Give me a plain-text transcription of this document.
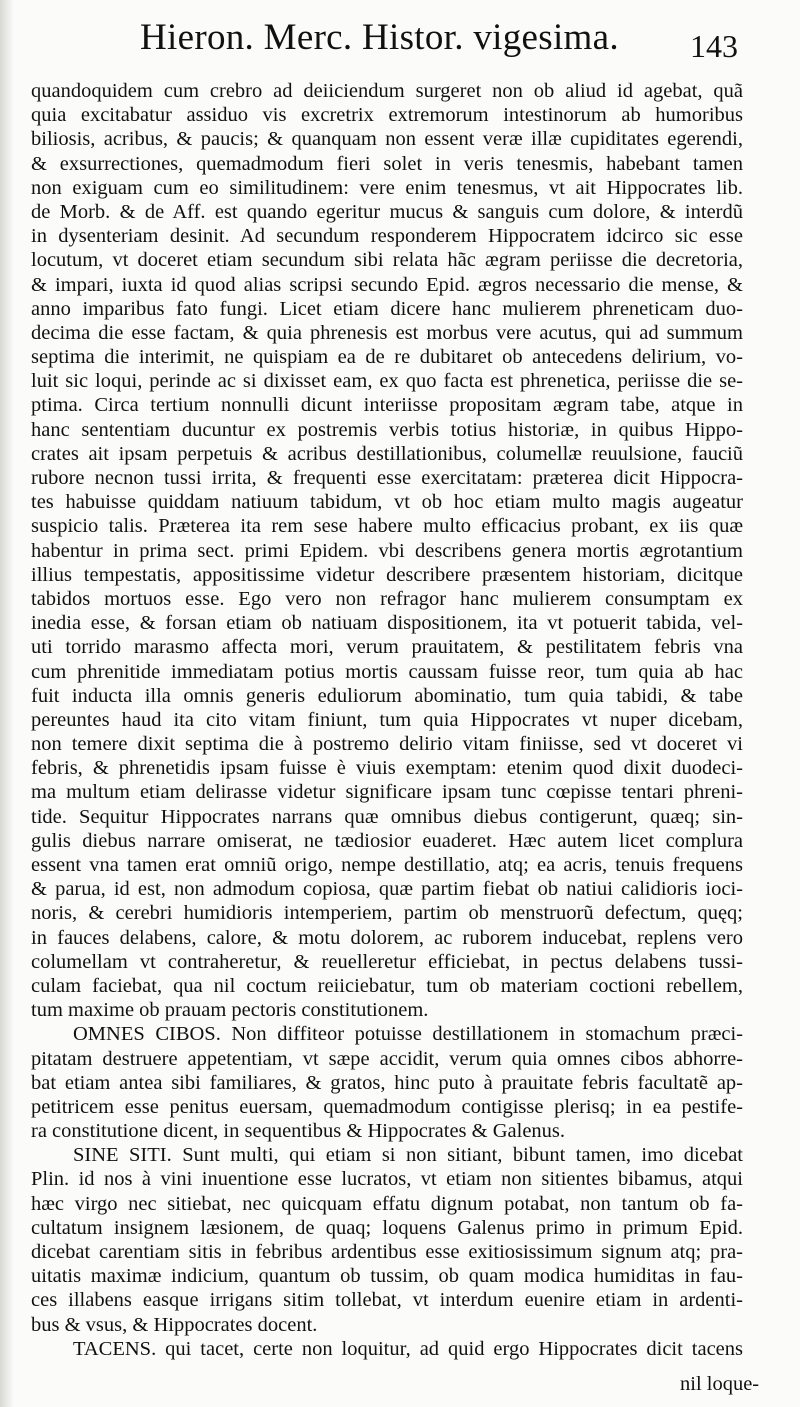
Hieron. Merc. Histor. vigesima.	143
quandoquidem cum crebro ad deiiciendum surgeret non ob aliud id agebat, quã
quia excitabatur assiduo vis excretrix extremorum intestinorum ab humoribus
biliosis, acribus, & paucis; & quanquam non essent veræ illæ cupiditates egerendi,
& exsurrectiones, quemadmodum fieri solet in veris tenesmis, habebant tamen
non exiguam cum eo similitudinem: vere enim tenesmus, vt ait Hippocrates lib.
de Morb. & de Aff. est quando egeritur mucus & sanguis cum dolore, & interdũ
in dysenteriam desinit. Ad secundum responderem Hippocratem idcirco sic esse
locutum, vt doceret etiam secundum sibi relata hãc ægram periisse die decretoria,
& impari, iuxta id quod alias scripsi secundo Epid. ægros necessario die mense, &
anno imparibus fato fungi. Licet etiam dicere hanc mulierem phreneticam duo-
decima die esse factam, & quia phrenesis est morbus vere acutus, qui ad summum
septima die interimit, ne quispiam ea de re dubitaret ob antecedens delirium, vo-
luit sic loqui, perinde ac si dixisset eam, ex quo facta est phrenetica, periisse die se-
ptima. Circa tertium nonnulli dicunt interiisse propositam ægram tabe, atque in
hanc sententiam ducuntur ex postremis verbis totius historiæ, in quibus Hippo-
crates ait ipsam perpetuis & acribus destillationibus, columellæ reuulsione, fauciũ
rubore necnon tussi irrita, & frequenti esse exercitatam: præterea dicit Hippocra-
tes habuisse quiddam natiuum tabidum, vt ob hoc etiam multo magis augeatur
suspicio talis. Præterea ita rem sese habere multo efficacius probant, ex iis quæ
habentur in prima sect. primi Epidem. vbi describens genera mortis ægrotantium
illius tempestatis, appositissime videtur describere præsentem historiam, dicitque
tabidos mortuos esse. Ego vero non refragor hanc mulierem consumptam ex
inedia esse, & forsan etiam ob natiuam dispositionem, ita vt potuerit tabida, vel-
uti torrido marasmo affecta mori, verum prauitatem, & pestilitatem febris vna
cum phrenitide immediatam potius mortis caussam fuisse reor, tum quia ab hac
fuit inducta illa omnis generis eduliorum abominatio, tum quia tabidi, & tabe
pereuntes haud ita cito vitam finiunt, tum quia Hippocrates vt nuper dicebam,
non temere dixit septima die à postremo delirio vitam finiisse, sed vt doceret vi
febris, & phrenetidis ipsam fuisse è viuis exemptam: etenim quod dixit duodeci-
ma multum etiam delirasse videtur significare ipsam tunc cœpisse tentari phreni-
tide. Sequitur Hippocrates narrans quæ omnibus diebus contigerunt, quæq; sin-
gulis diebus narrare omiserat, ne tædiosior euaderet. Hæc autem licet complura
essent vna tamen erat omniũ origo, nempe destillatio, atq; ea acris, tenuis frequens
& parua, id est, non admodum copiosa, quæ partim fiebat ob natiui calidioris ioci-
noris, & cerebri humidioris intemperiem, partim ob menstruorũ defectum, quęq;
in fauces delabens, calore, & motu dolorem, ac ruborem inducebat, replens vero
columellam vt contraheretur, & reuelleretur efficiebat, in pectus delabens tussi-
culam faciebat, qua nil coctum reiiciebatur, tum ob materiam coctioni rebellem,
tum maxime ob prauam pectoris constitutionem.
OMNES CIBOS. Non diffiteor potuisse destillationem in stomachum præci-
pitatam destruere appetentiam, vt sæpe accidit, verum quia omnes cibos abhorre-
bat etiam antea sibi familiares, & gratos, hinc puto à prauitate febris facultatẽ ap-
petitricem esse penitus euersam, quemadmodum contigisse plerisq; in ea pestife-
ra constitutione dicent, in sequentibus & Hippocrates & Galenus.
SINE SITI. Sunt multi, qui etiam si non sitiant, bibunt tamen, imo dicebat
Plin. id nos à vini inuentione esse lucratos, vt etiam non sitientes bibamus, atqui
hæc virgo nec sitiebat, nec quicquam effatu dignum potabat, non tantum ob fa-
cultatum insignem læsionem, de quaq; loquens Galenus primo in primum Epid.
dicebat carentiam sitis in febribus ardentibus esse exitiosissimum signum atq; pra-
uitatis maximæ indicium, quantum ob tussim, ob quam modica humiditas in fau-
ces illabens easque irrigans sitim tollebat, vt interdum euenire etiam in ardenti-
bus & vsus, & Hippocrates docent.
TACENS. qui tacet, certe non loquitur, ad quid ergo Hippocrates dicit tacens
nil loque-
